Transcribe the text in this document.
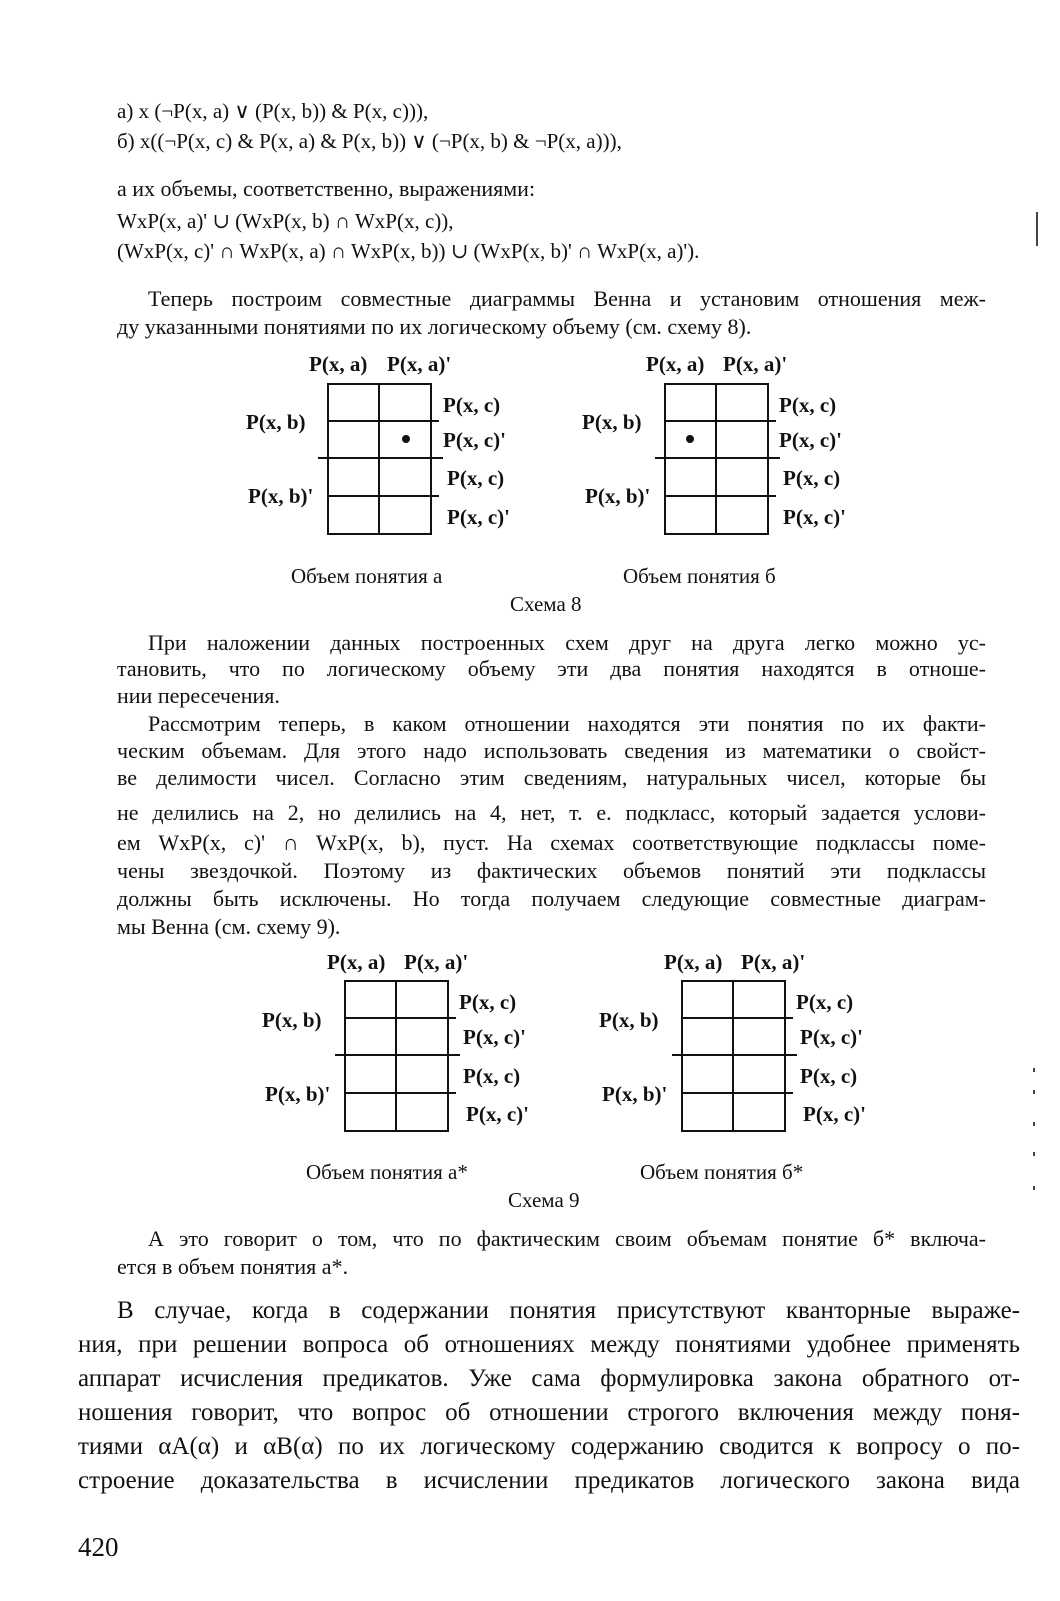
а) x (¬P(x, a) ∨ (P(x, b)) & P(x, c))),
б) x((¬P(x, c) & P(x, a) & P(x, b)) ∨ (¬P(x, b) & ¬P(x, a))),
а их объемы, соответственно, выражениями:
WxP(x, a)' ∪ (WxP(x, b) ∩ WxP(x, c)),
(WxP(x, c)' ∩ WxP(x, a) ∩ WxP(x, b)) ∪ (WxP(x, b)' ∩ WxP(x, a)').
Теперь построим совместные диаграммы Венна и установим отношения меж-
ду указанными понятиями по их логическому объему (см. схему 8).
P(x, a) P(x, a)'
P(x, b)
P(x, b)'
P(x, c)
P(x, c)'
P(x, c)
P(x, c)'
P(x, a) P(x, a)'
P(x, b)
P(x, b)'
P(x, c)
P(x, c)'
P(x, c)
P(x, c)'
Объем понятия а	Объем понятия б
Схема 8
При наложении данных построенных схем друг на друга легко можно ус-
тановить, что по логическому объему эти два понятия находятся в отноше-
нии пересечения.
Рассмотрим теперь, в каком отношении находятся эти понятия по их факти-
ческим объемам. Для этого надо использовать сведения из математики о свойст-
ве делимости чисел. Согласно этим сведениям, натуральных чисел, которые бы
не делились на 2, но делились на 4, нет, т. е. подкласс, который задается услови-
ем WxP(x, c)' ∩ WxP(x, b), пуст. На схемах соответствующие подклассы поме-
чены звездочкой. Поэтому из фактических объемов понятий эти подклассы
должны быть исключены. Но тогда получаем следующие совместные диаграм-
мы Венна (см. схему 9).
P(x, a) P(x, a)'
P(x, b)
P(x, b)'
P(x, c)
P(x, c)'
P(x, c)
P(x, c)'
P(x, a) P(x, a)'
P(x, b)
P(x, b)'
P(x, c)
P(x, c)'
P(x, c)
P(x, c)'
Объем понятия а*	Объем понятия б*
Схема 9
А это говорит о том, что по фактическим своим объемам понятие б* включа-
ется в объем понятия а*.
В случае, когда в содержании понятия присутствуют кванторные выраже-
ния, при решении вопроса об отношениях между понятиями удобнее применять
аппарат исчисления предикатов. Уже сама формулировка закона обратного от-
ношения говорит, что вопрос об отношении строгого включения между поня-
тиями αA(α) и αB(α) по их логическому содержанию сводится к вопросу о по-
строение доказательства в исчислении предикатов логического закона вида
420
